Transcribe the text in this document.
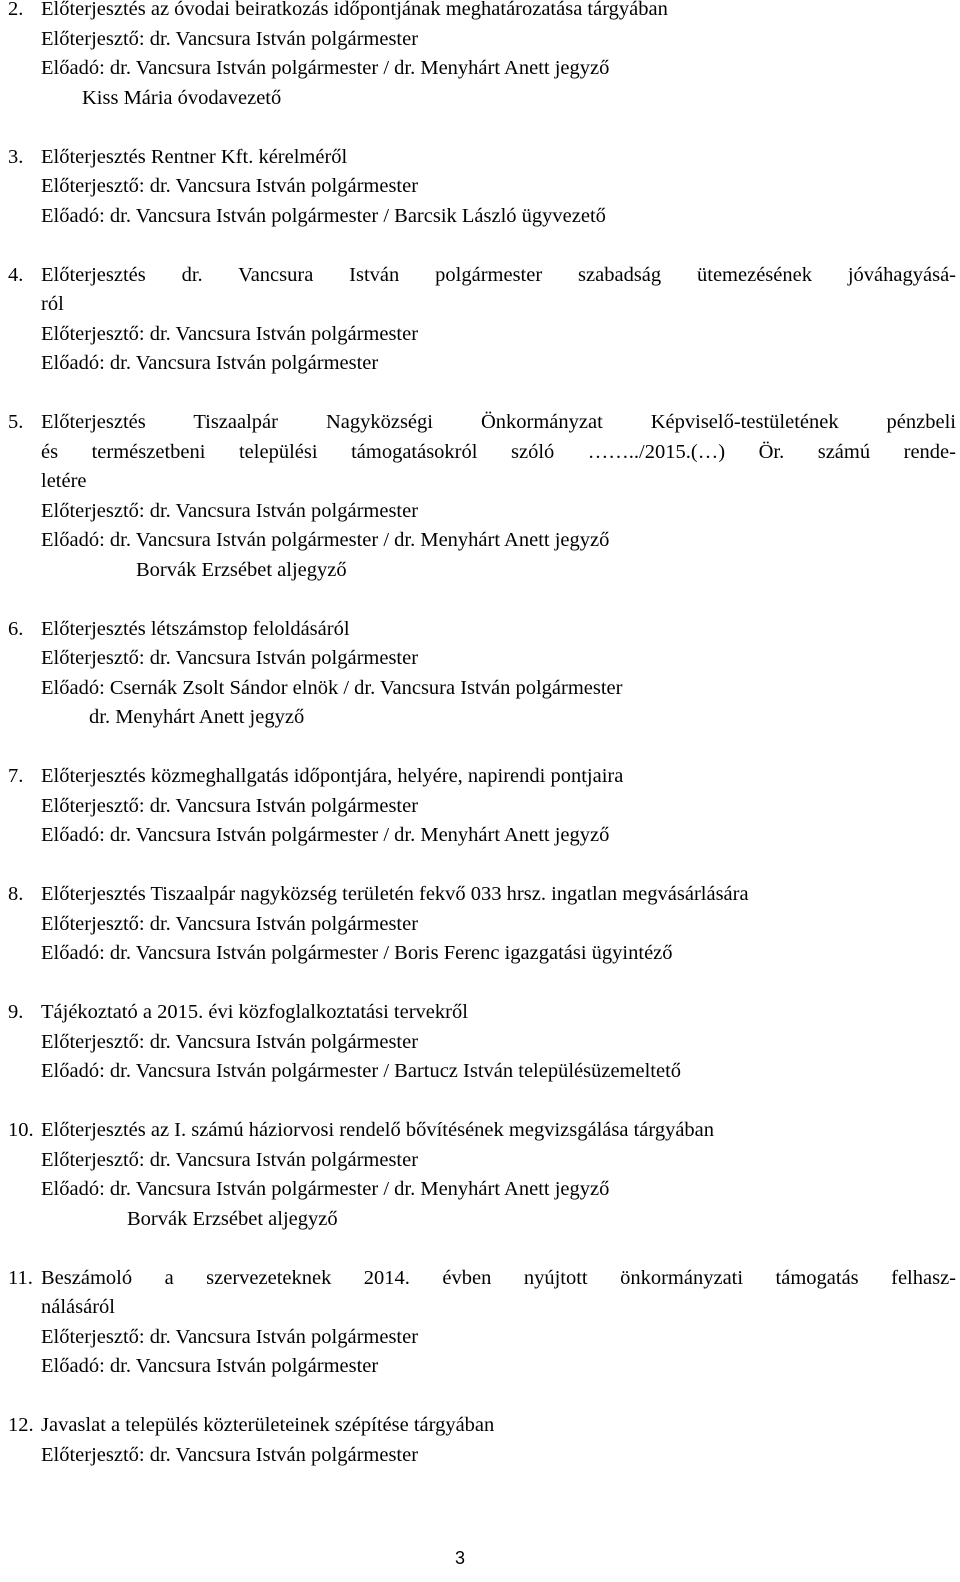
2. Előterjesztés az óvodai beiratkozás időpontjának meghatározatása tárgyában
Előterjesztő: dr. Vancsura István polgármester
Előadó: dr. Vancsura István polgármester / dr. Menyhárt Anett jegyző
Kiss Mária óvodavezető
3. Előterjesztés Rentner Kft. kérelméről
Előterjesztő: dr. Vancsura István polgármester
Előadó: dr. Vancsura István polgármester / Barcsik László ügyvezető
4. Előterjesztés dr. Vancsura István polgármester szabadság ütemezésének jóváhagyásá-
ról
Előterjesztő: dr. Vancsura István polgármester
Előadó: dr. Vancsura István polgármester
5. Előterjesztés Tiszaalpár Nagyközségi Önkormányzat Képviselő-testületének pénzbeli
és természetbeni települési támogatásokról szóló ……../2015.(…) Ör. számú rende-
letére
Előterjesztő: dr. Vancsura István polgármester
Előadó: dr. Vancsura István polgármester / dr. Menyhárt Anett jegyző
Borvák Erzsébet aljegyző
6. Előterjesztés létszámstop feloldásáról
Előterjesztő: dr. Vancsura István polgármester
Előadó: Csernák Zsolt Sándor elnök / dr. Vancsura István polgármester
dr. Menyhárt Anett jegyző
7. Előterjesztés közmeghallgatás időpontjára, helyére, napirendi pontjaira
Előterjesztő: dr. Vancsura István polgármester
Előadó: dr. Vancsura István polgármester / dr. Menyhárt Anett jegyző
8. Előterjesztés Tiszaalpár nagyközség területén fekvő 033 hrsz. ingatlan megvásárlására
Előterjesztő: dr. Vancsura István polgármester
Előadó: dr. Vancsura István polgármester / Boris Ferenc igazgatási ügyintéző
9. Tájékoztató a 2015. évi közfoglalkoztatási tervekről
Előterjesztő: dr. Vancsura István polgármester
Előadó: dr. Vancsura István polgármester / Bartucz István településüzemeltető
10. Előterjesztés az I. számú háziorvosi rendelő bővítésének megvizsgálása tárgyában
Előterjesztő: dr. Vancsura István polgármester
Előadó: dr. Vancsura István polgármester / dr. Menyhárt Anett jegyző
Borvák Erzsébet aljegyző
11. Beszámoló a szervezeteknek 2014. évben nyújtott önkormányzati támogatás felhasz-
nálásáról
Előterjesztő: dr. Vancsura István polgármester
Előadó: dr. Vancsura István polgármester
12. Javaslat a település közterületeinek szépítése tárgyában
Előterjesztő: dr. Vancsura István polgármester
3
